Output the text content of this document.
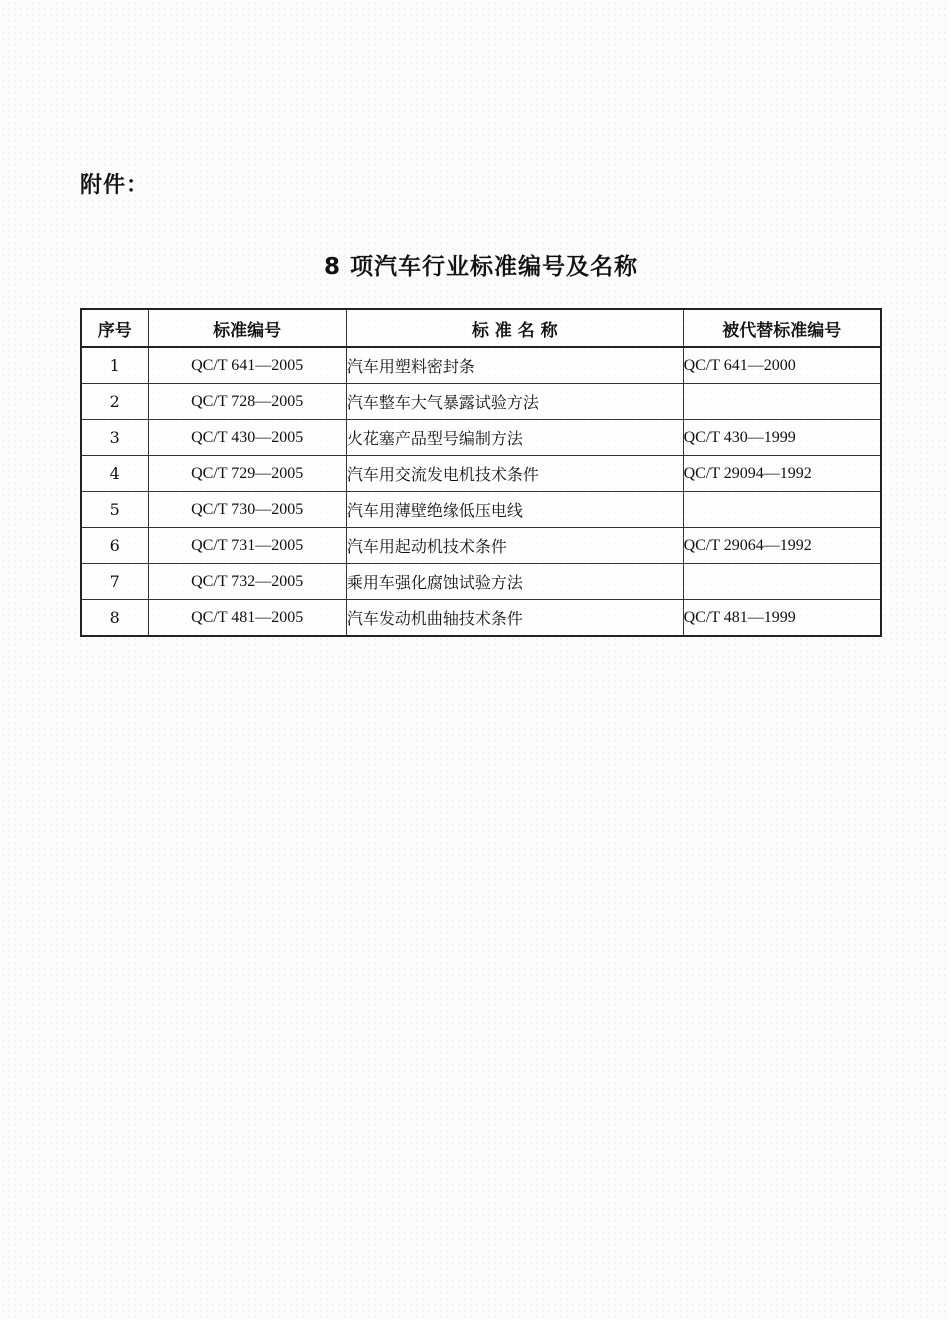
附件：
8 项汽车行业标准编号及名称
序号	标准编号	标 准 名 称	被代替标准编号
1	QC/T 641—2005	汽车用塑料密封条	QC/T 641—2000
2	QC/T 728—2005	汽车整车大气暴露试验方法	
3	QC/T 430—2005	火花塞产品型号编制方法	QC/T 430—1999
4	QC/T 729—2005	汽车用交流发电机技术条件	QC/T 29094—1992
5	QC/T 730—2005	汽车用薄壁绝缘低压电线	
6	QC/T 731—2005	汽车用起动机技术条件	QC/T 29064—1992
7	QC/T 732—2005	乘用车强化腐蚀试验方法	
8	QC/T 481—2005	汽车发动机曲轴技术条件	QC/T 481—1999
